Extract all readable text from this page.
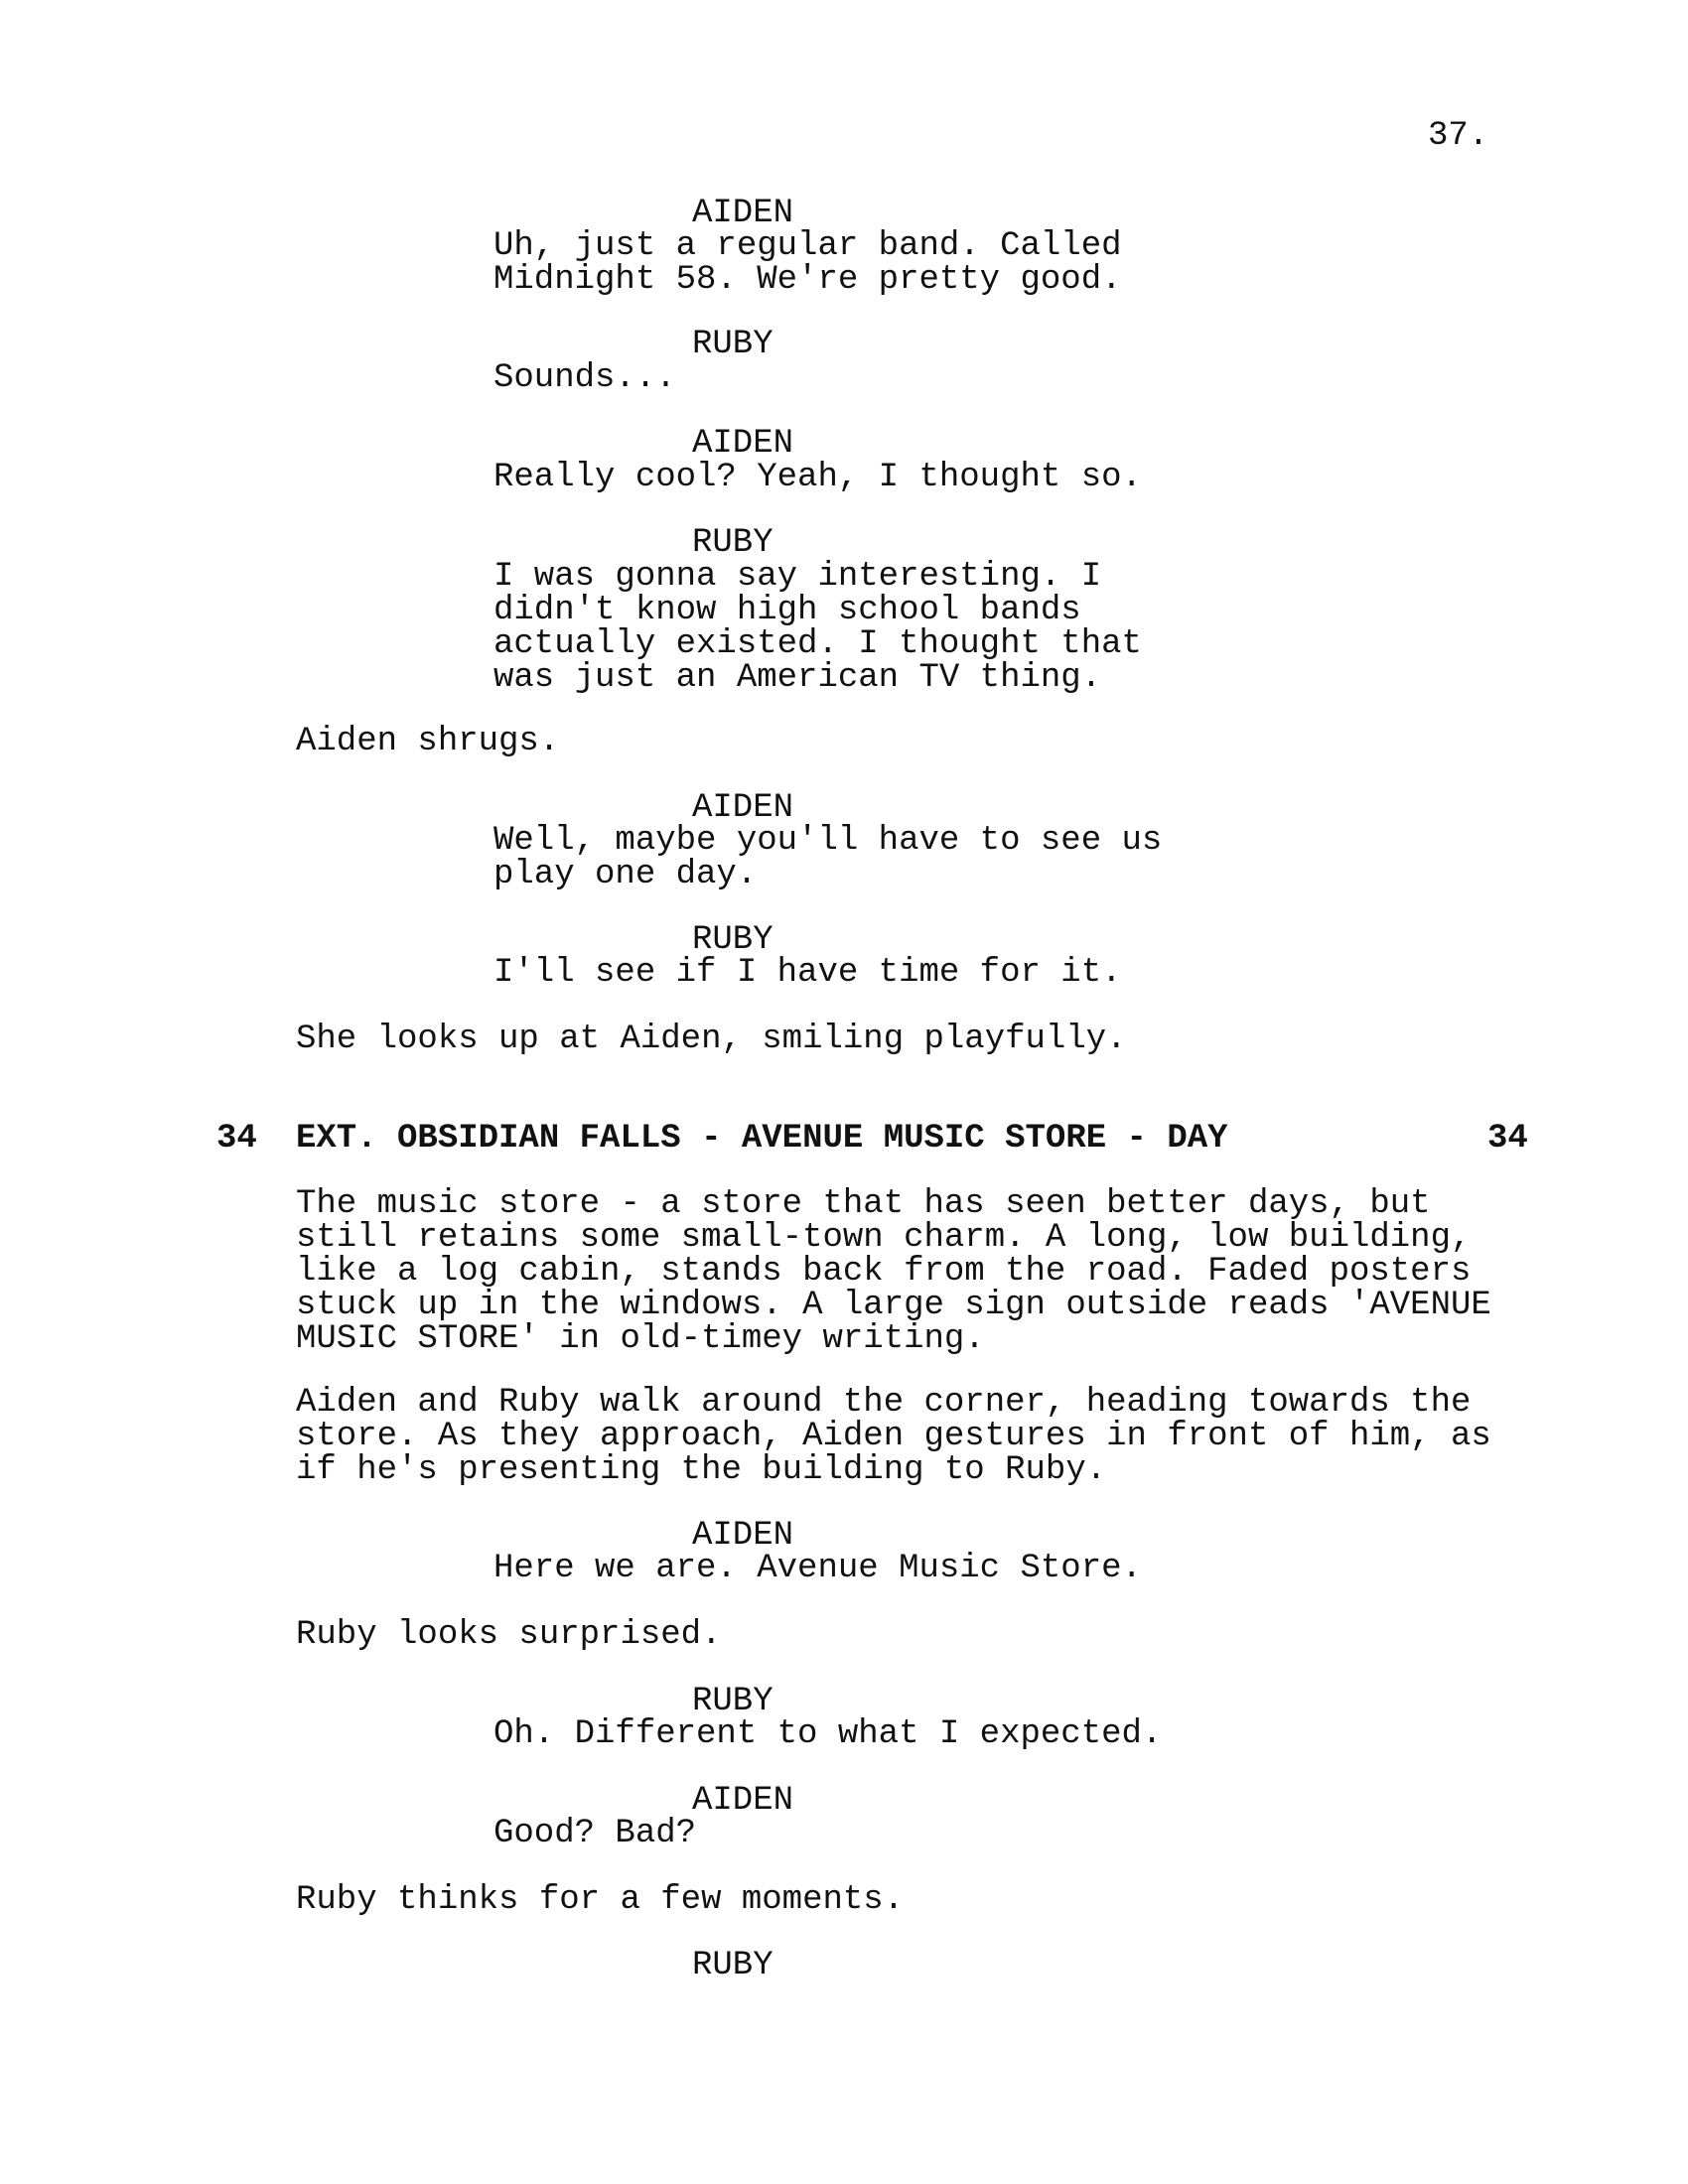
37.
AIDEN
Uh, just a regular band. Called
Midnight 58. We're pretty good.
RUBY
Sounds...
AIDEN
Really cool? Yeah, I thought so.
RUBY
I was gonna say interesting. I
didn't know high school bands
actually existed. I thought that
was just an American TV thing.
Aiden shrugs.
AIDEN
Well, maybe you'll have to see us
play one day.
RUBY
I'll see if I have time for it.
She looks up at Aiden, smiling playfully.
34 EXT. OBSIDIAN FALLS - AVENUE MUSIC STORE - DAY	34
The music store - a store that has seen better days, but
still retains some small-town charm. A long, low building,
like a log cabin, stands back from the road. Faded posters
stuck up in the windows. A large sign outside reads 'AVENUE
MUSIC STORE' in old-timey writing.
Aiden and Ruby walk around the corner, heading towards the
store. As they approach, Aiden gestures in front of him, as
if he's presenting the building to Ruby.
AIDEN
Here we are. Avenue Music Store.
Ruby looks surprised.
RUBY
Oh. Different to what I expected.
AIDEN
Good? Bad?
Ruby thinks for a few moments.
RUBY
